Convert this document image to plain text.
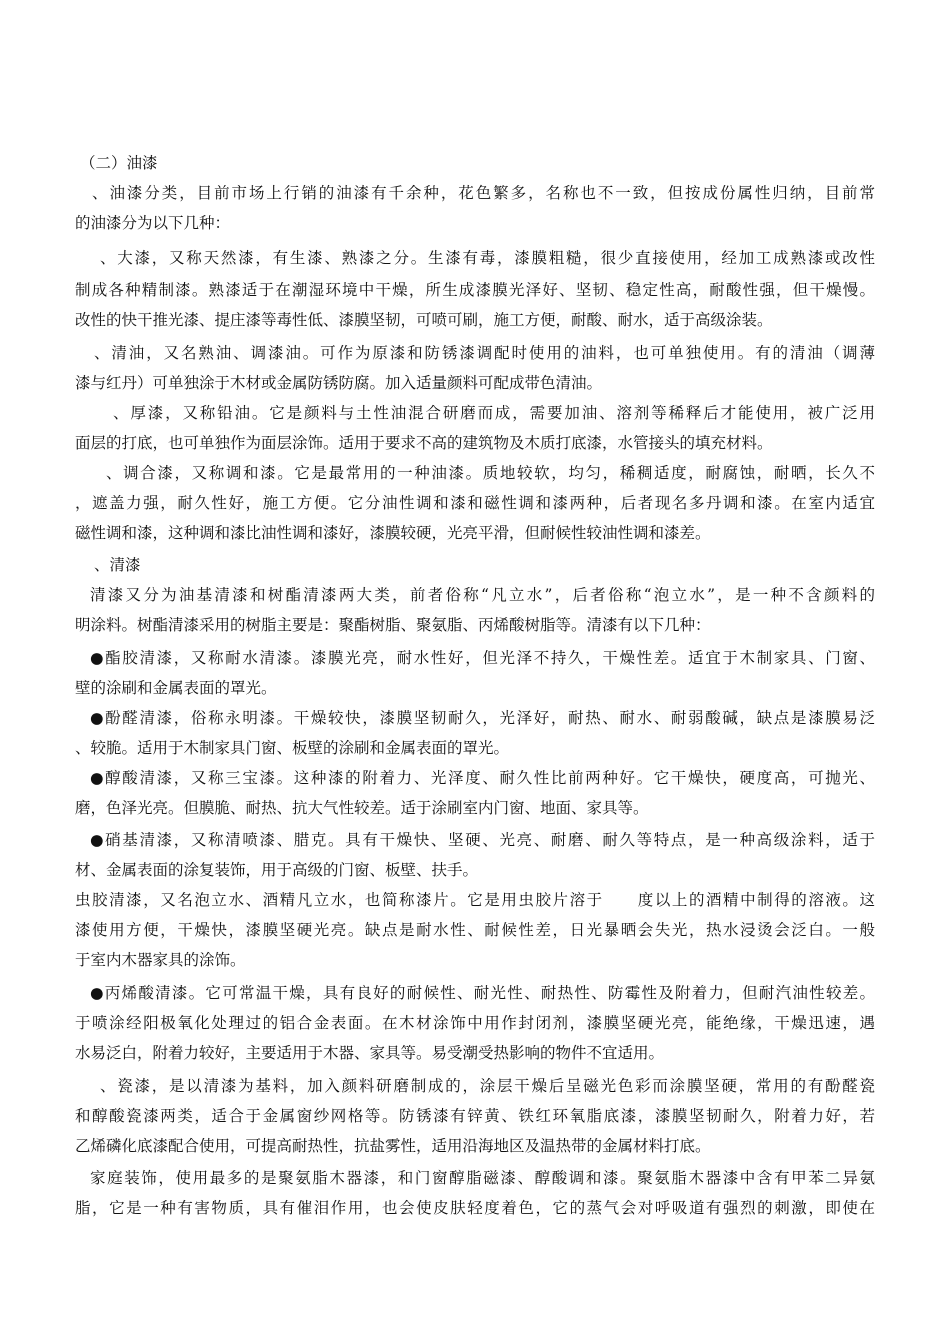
（二）油漆
、油漆分类，目前市场上行销的油漆有千余种，花色繁多，名称也不一致，但按成份属性归纳，目前常
的油漆分为以下几种：
、大漆，又称天然漆，有生漆、熟漆之分。生漆有毒，漆膜粗糙，很少直接使用，经加工成熟漆或改性
制成各种精制漆。熟漆适于在潮湿环境中干燥，所生成漆膜光泽好、坚韧、稳定性高，耐酸性强，但干燥慢。
改性的快干推光漆、提庄漆等毒性低、漆膜坚韧，可喷可刷，施工方便，耐酸、耐水，适于高级涂装。
、清油，又名熟油、调漆油。可作为原漆和防锈漆调配时使用的油料，也可单独使用。有的清油（调薄
漆与红丹）可单独涂于木材或金属防锈防腐。加入适量颜料可配成带色清油。
、厚漆，又称铅油。它是颜料与土性油混合研磨而成，需要加油、溶剂等稀释后才能使用，被广泛用
面层的打底，也可单独作为面层涂饰。适用于要求不高的建筑物及木质打底漆，水管接头的填充材料。
、调合漆，又称调和漆。它是最常用的一种油漆。质地较软，均匀，稀稠适度，耐腐蚀，耐晒，长久不
，遮盖力强，耐久性好，施工方便。它分油性调和漆和磁性调和漆两种，后者现名多丹调和漆。在室内适宜
磁性调和漆，这种调和漆比油性调和漆好，漆膜较硬，光亮平滑，但耐候性较油性调和漆差。
、清漆
清漆又分为油基清漆和树酯清漆两大类，前者俗称“凡立水”，后者俗称“泡立水”，是一种不含颜料的
明涂料。树酯清漆采用的树脂主要是：聚酯树脂、聚氨脂、丙烯酸树脂等。清漆有以下几种：
●酯胶清漆，又称耐水清漆。漆膜光亮，耐水性好，但光泽不持久，干燥性差。适宜于木制家具、门窗、
壁的涂刷和金属表面的罩光。
●酚醛清漆，俗称永明漆。干燥较快，漆膜坚韧耐久，光泽好，耐热、耐水、耐弱酸碱，缺点是漆膜易泛
、较脆。适用于木制家具门窗、板壁的涂刷和金属表面的罩光。
●醇酸清漆，又称三宝漆。这种漆的附着力、光泽度、耐久性比前两种好。它干燥快，硬度高，可抛光、
磨，色泽光亮。但膜脆、耐热、抗大气性较差。适于涂刷室内门窗、地面、家具等。
●硝基清漆，又称清喷漆、腊克。具有干燥快、坚硬、光亮、耐磨、耐久等特点，是一种高级涂料，适于
材、金属表面的涂复装饰，用于高级的门窗、板壁、扶手。
虫胶清漆，又名泡立水、酒精凡立水，也简称漆片。它是用虫胶片溶于　　度以上的酒精中制得的溶液。这
漆使用方便，干燥快，漆膜坚硬光亮。缺点是耐水性、耐候性差，日光暴晒会失光，热水浸烫会泛白。一般
于室内木器家具的涂饰。
●丙烯酸清漆。它可常温干燥，具有良好的耐候性、耐光性、耐热性、防霉性及附着力，但耐汽油性较差。
于喷涂经阳极氧化处理过的铝合金表面。在木材涂饰中用作封闭剂，漆膜坚硬光亮，能绝缘，干燥迅速，遇
水易泛白，附着力较好，主要适用于木器、家具等。易受潮受热影响的物件不宜适用。
、瓷漆，是以清漆为基料，加入颜料研磨制成的，涂层干燥后呈磁光色彩而涂膜坚硬，常用的有酚醛瓷
和醇酸瓷漆两类，适合于金属窗纱网格等。防锈漆有锌黄、铁红环氧脂底漆，漆膜坚韧耐久，附着力好，若
乙烯磷化底漆配合使用，可提高耐热性，抗盐雾性，适用沿海地区及温热带的金属材料打底。
家庭装饰，使用最多的是聚氨脂木器漆，和门窗醇脂磁漆、醇酸调和漆。聚氨脂木器漆中含有甲苯二异氨
脂，它是一种有害物质，具有催泪作用，也会使皮肤轻度着色，它的蒸气会对呼吸道有强烈的刺激，即使在
